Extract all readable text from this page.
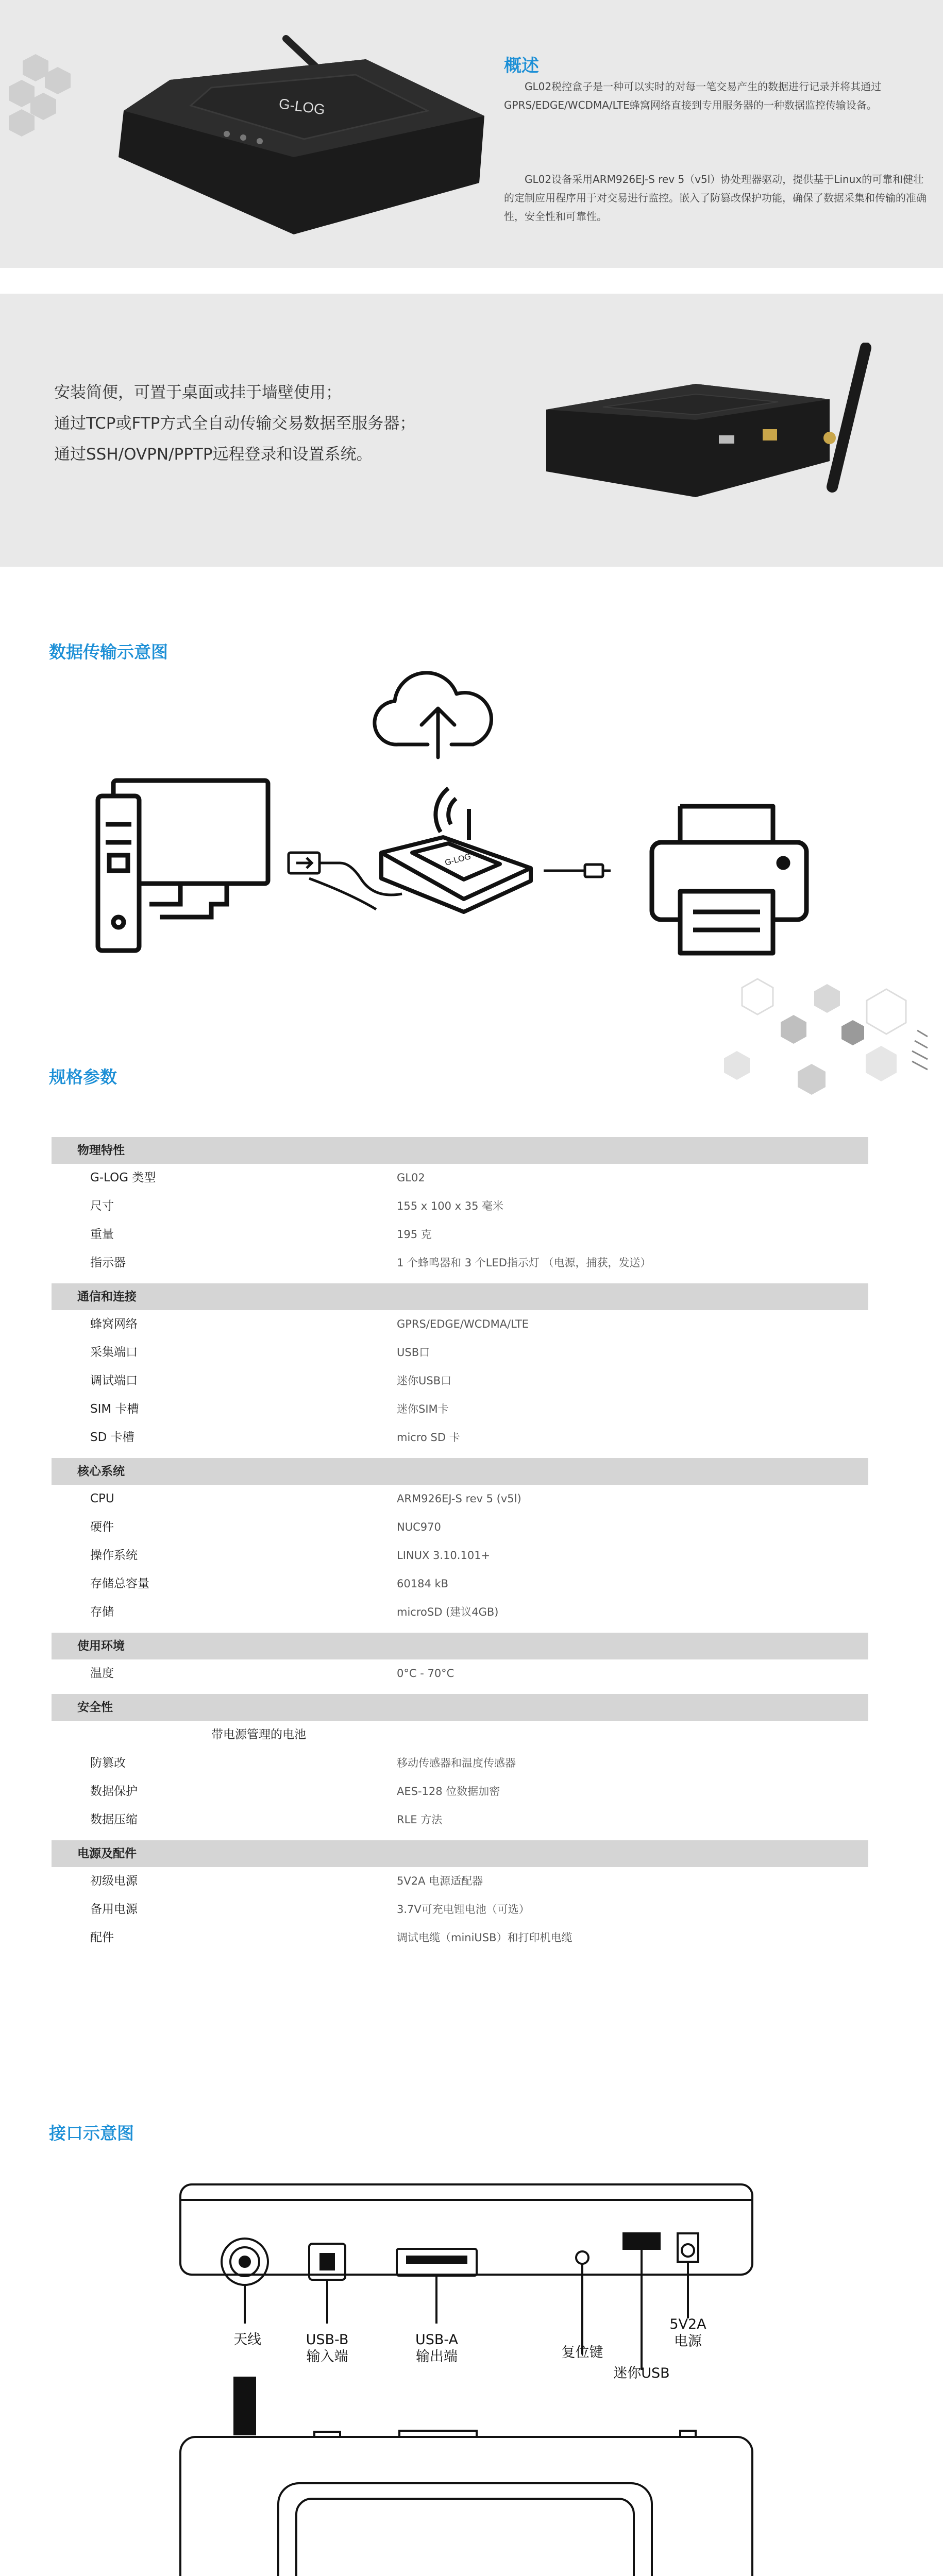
G-LOG
概述

GL02税控盒子是一种可以实时的对每一笔交易产生的数据进行记录并将其通过GPRS/EDGE/WCDMA/LTE蜂窝网络直接到专用服务器的一种数据监控传输设备。

GL02设备采用ARM926EJ-S rev 5（v5l）协处理器驱动，提供基于Linux的可靠和健壮的定制应用程序用于对交易进行监控。嵌入了防篡改保护功能，确保了数据采集和传输的准确性，安全性和可靠性。

安装简便，可置于桌面或挂于墙壁使用；
通过TCP或FTP方式全自动传输交易数据至服务器；
通过SSH/OVPN/PPTP远程登录和设置系统。
数据传输示意图
G-LOG
规格参数
物理特性
G-LOG 类型	GL02
尺寸	155 x 100 x 35 毫米
重量	195 克
指示器	1 个蜂鸣器和 3 个LED指示灯 （电源，捕获，发送）
通信和连接
蜂窝网络	GPRS/EDGE/WCDMA/LTE
采集端口	USB口
调试端口	迷你USB口
SIM 卡槽	迷你SIM卡
SD 卡槽	micro SD 卡
核心系统
CPU	ARM926EJ-S rev 5 (v5l)
硬件	NUC970
操作系统	LINUX 3.10.101+
存储总容量	60184 kB
存储	microSD (建议4GB)
使用环境
温度	0°C - 70°C
安全性
带电源管理的电池
防篡改	移动传感器和温度传感器
数据保护	AES-128 位数据加密
数据压缩	RLE 方法
电源及配件
初级电源	5V2A 电源适配器
备用电源	3.7V可充电锂电池（可选）
配件	调试电缆（miniUSB）和打印机电缆
接口示意图
天线	USB-B
输入端
USB-A
输出端	复位键
迷你USB
5V2A
电源
